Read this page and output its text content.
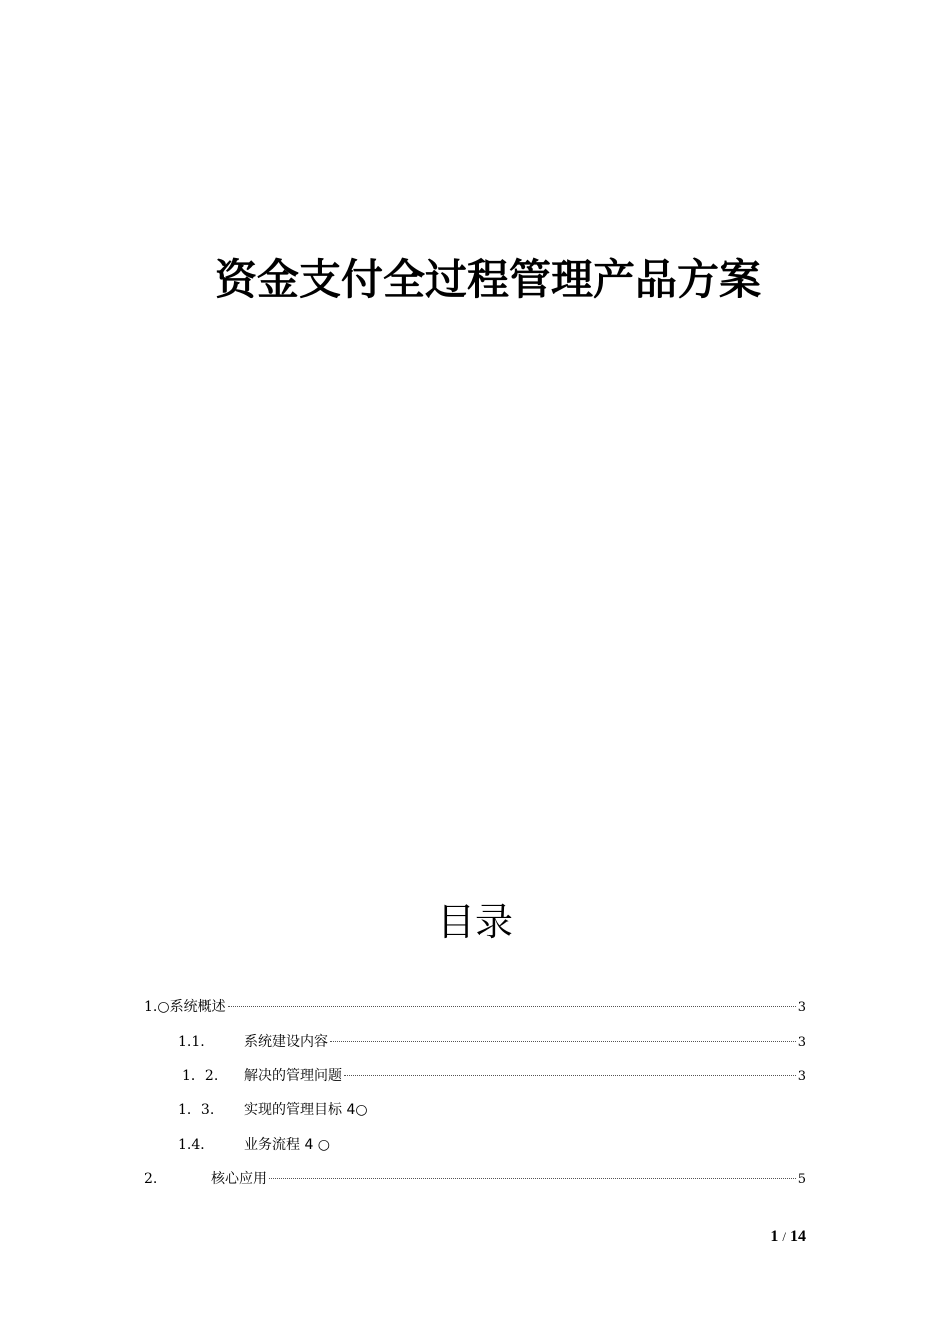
资金支付全过程管理产品方案
目录
1. ○系统概述	3
1.1.	系统建设内容	3
1．2.	解决的管理问题	3
1．3.	实现的管理目标 4○
1.4．	业务流程 4 ○
2.	核心应用	5
1 / 14
